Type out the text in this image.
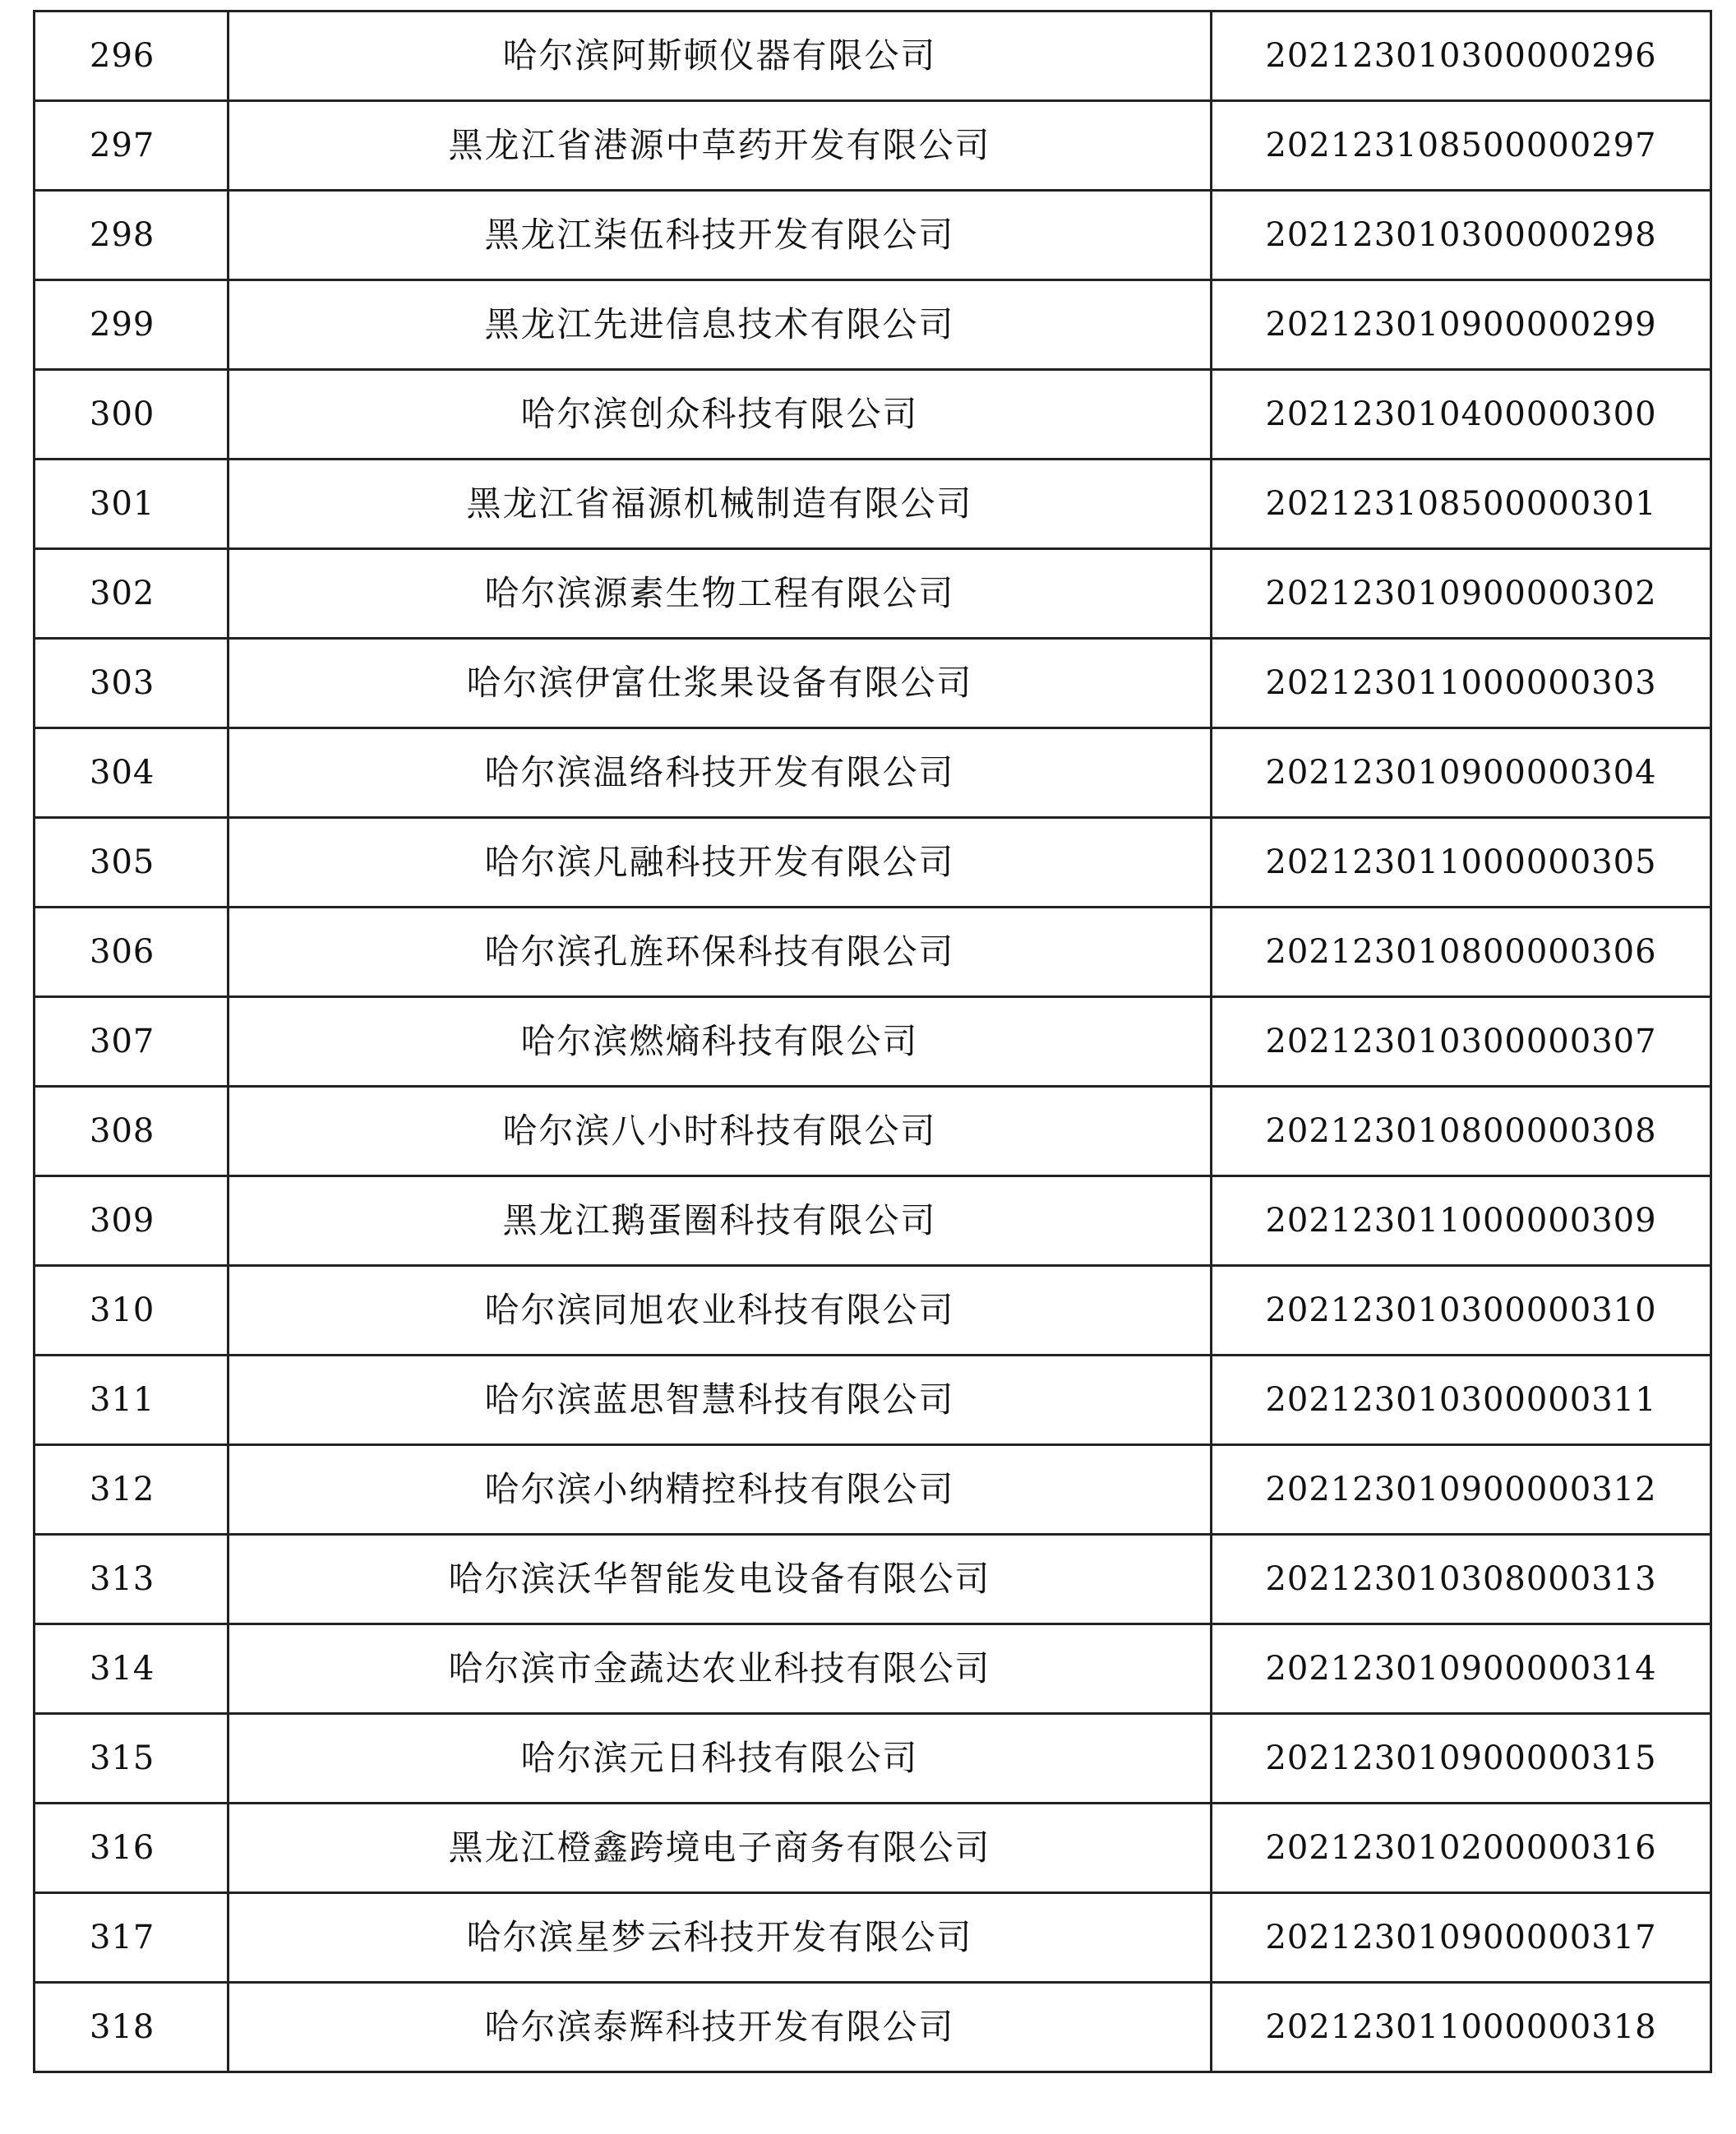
296	哈尔滨阿斯顿仪器有限公司	2021230103000002​96
297	黑龙江省港源中草药开发有限公司	202123108500000297
298	黑龙江柒伍科技开发有限公司	202123010300000298
299	黑龙江先进信息技术有限公司	202123010900000299
300	哈尔滨创众科技有限公司	202123010400000300
301	黑龙江省福源机械制造有限公司	202123108500000301
302	哈尔滨源素生物工程有限公司	202123010900000302
303	哈尔滨伊富仕浆果设备有限公司	202123011000000303
304	哈尔滨温络科技开发有限公司	202123010900000304
305	哈尔滨凡融科技开发有限公司	202123011000000305
306	哈尔滨孔旌环保科技有限公司	202123010800000306
307	哈尔滨燃熵科技有限公司	202123010300000307
308	哈尔滨八小时科技有限公司	202123010800000308
309	黑龙江鹅蛋圈科技有限公司	202123011000000309
310	哈尔滨同旭农业科技有限公司	202123010300000310
311	哈尔滨蓝思智慧科技有限公司	202123010300000311
312	哈尔滨小纳精控科技有限公司	202123010900000312
313	哈尔滨沃华智能发电设备有限公司	202123010308000313
314	哈尔滨市金蔬达农业科技有限公司	202123010900000314
315	哈尔滨元日科技有限公司	202123010900000315
316	黑龙江橙鑫跨境电子商务有限公司	202123010200000316
317	哈尔滨星梦云科技开发有限公司	202123010900000317
318	哈尔滨泰辉科技开发有限公司	202123011000000318
